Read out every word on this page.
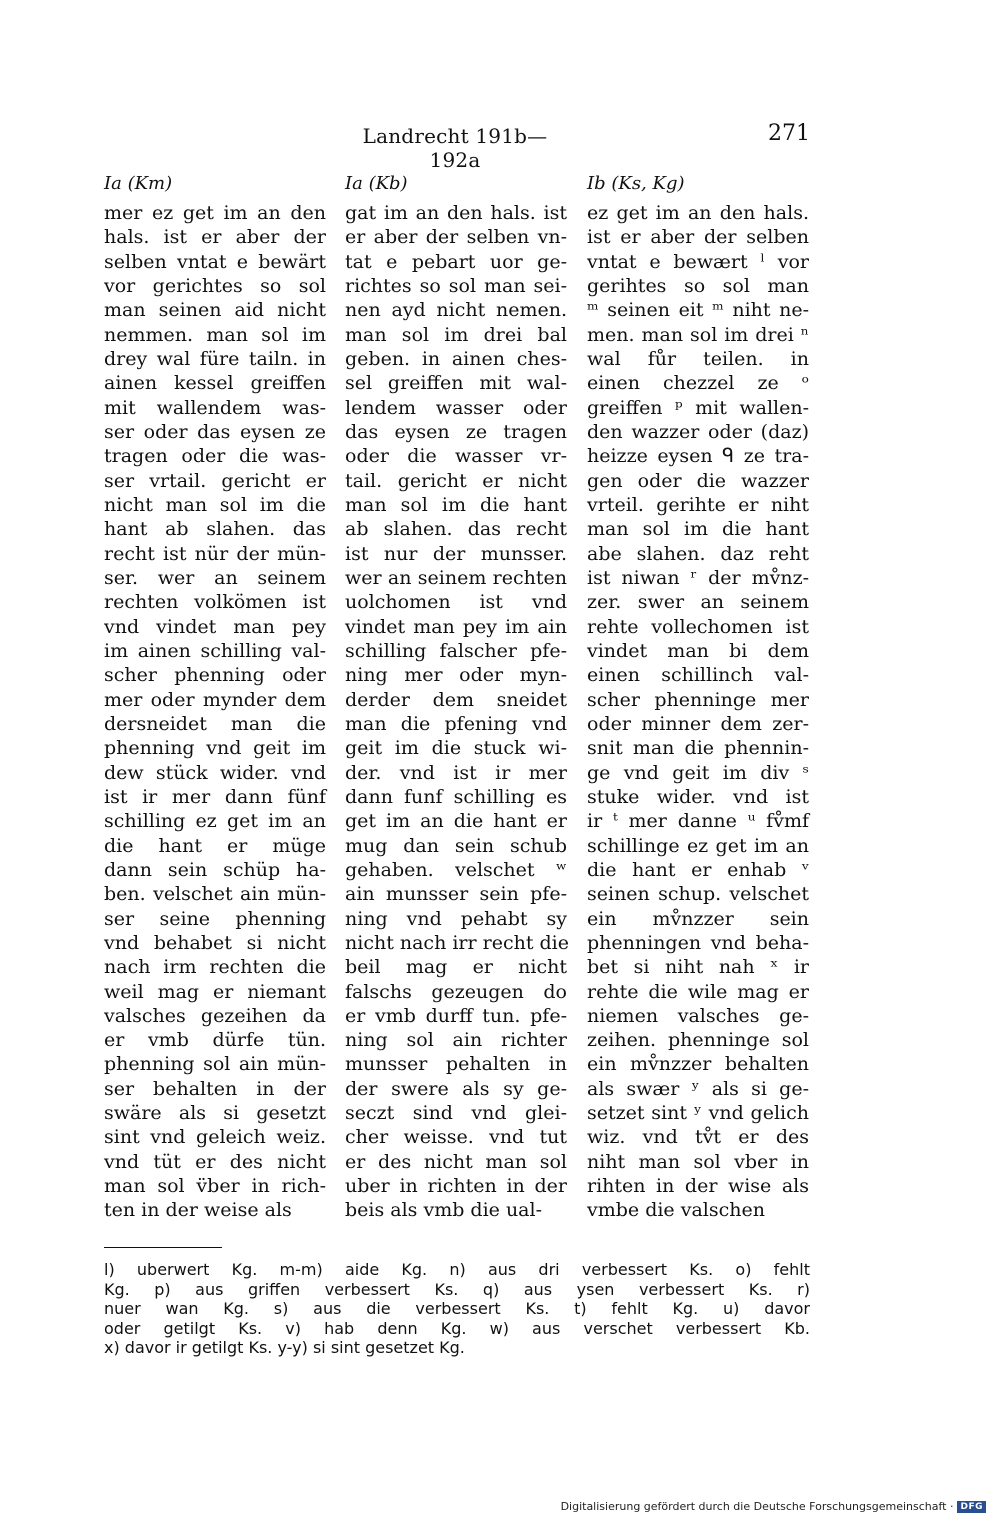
Landrecht 191b—192a
271
Ia (Km)	Ia (Kb)	Ib (Ks, Kg)
mer ez get im an den
hals. ist er aber der
selben vntat e bewärt
vor gerichtes so sol
man seinen aid nicht
nemmen. man sol im
drey wal füre tailn. in
ainen kessel greiffen
mit wallendem was-
ser oder das eysen ze
tragen oder die was-
ser vrtail. gericht er
nicht man sol im die
hant ab slahen. das
recht ist nür der mün-
ser. wer an seinem
rechten volkömen ist
vnd vindet man pey
im ainen schilling val-
scher phenning oder
mer oder mynder dem
dersneidet man die
phenning vnd geit im
dew stück wider. vnd
ist ir mer dann fünf
schilling ez get im an
die hant er müge
dann sein schüp ha-
ben. velschet ain mün-
ser seine phenning
vnd behabet si nicht
nach irm rechten die
weil mag er niemant
valsches gezeihen da
er vmb dürfe tün.
phenning sol ain mün-
ser behalten in der
swäre als si gesetzt
sint vnd geleich weiz.
vnd tüt er des nicht
man sol v̈ber in rich-
ten in der weise als
gat im an den hals. ist
er aber der selben vn-
tat e pebart uor ge-
richtes so sol man sei-
nen ayd nicht nemen.
man sol im drei bal
geben. in ainen ches-
sel greiffen mit wal-
lendem wasser oder
das eysen ze tragen
oder die wasser vr-
tail. gericht er nicht
man sol im die hant
ab slahen. das recht
ist nur der munsser.
wer an seinem rechten
uolchomen ist vnd
vindet man pey im ain
schilling falscher pfe-
ning mer oder myn-
derder dem sneidet
man die pfening vnd
geit im die stuck wi-
der. vnd ist ir mer
dann funf schilling es
get im an die hant er
mug dan sein schub
gehaben. velschet ʷ
ain munsser sein pfe-
ning vnd pehabt sy
nicht nach irr recht die
beil mag er nicht
falschs gezeugen do
er vmb durff tun. pfe-
ning sol ain richter
munsser pehalten in
der swere als sy ge-
seczt sind vnd glei-
cher weisse. vnd tut
er des nicht man sol
uber in richten in der
beis als vmb die ual-
ez get im an den hals.
ist er aber der selben
vntat e bewært ˡ vor
gerihtes so sol man
ᵐ seinen eit ᵐ niht ne-
men. man sol im drei ⁿ
wal fůr teilen. in
einen chezzel ze ᵒ
greiffen ᵖ mit wallen-
den wazzer oder (daz)
heizze eysen ᑫ ze tra-
gen oder die wazzer
vrteil. gerihte er niht
man sol im die hant
abe slahen. daz reht
ist niwan ʳ der mv̊nz-
zer. swer an seinem
rehte vollechomen ist
vindet man bi dem
einen schillinch val-
scher phenninge mer
oder minner dem zer-
snit man die phennin-
ge vnd geit im div ˢ
stuke wider. vnd ist
ir ᵗ mer danne ᵘ fv̊mf
schillinge ez get im an
die hant er enhab ᵛ
seinen schup. velschet
ein mv̊nzzer sein
phenningen vnd beha-
bet si niht nah ˣ ir
rehte die wile mag er
niemen valsches ge-
zeihen. phenninge sol
ein mv̊nzzer behalten
als swær ʸ als si ge-
setzet sint ʸ vnd gelich
wiz. vnd tv̊t er des
niht man sol vber in
rihten in der wise als
vmbe die valschen
l) uberwert Kg. m-m) aide Kg. n) aus dri verbessert Ks. o) fehlt
Kg. p) aus griffen verbessert Ks. q) aus ysen verbessert Ks. r)
nuer wan Kg. s) aus die verbessert Ks. t) fehlt Kg. u) davor
oder getilgt Ks. v) hab denn Kg. w) aus verschet verbessert Kb.
x) davor ir getilgt Ks. y-y) si sint gesetzet Kg.
Digitalisierung gefördert durch die Deutsche Forschungsgemeinschaft · DFG
